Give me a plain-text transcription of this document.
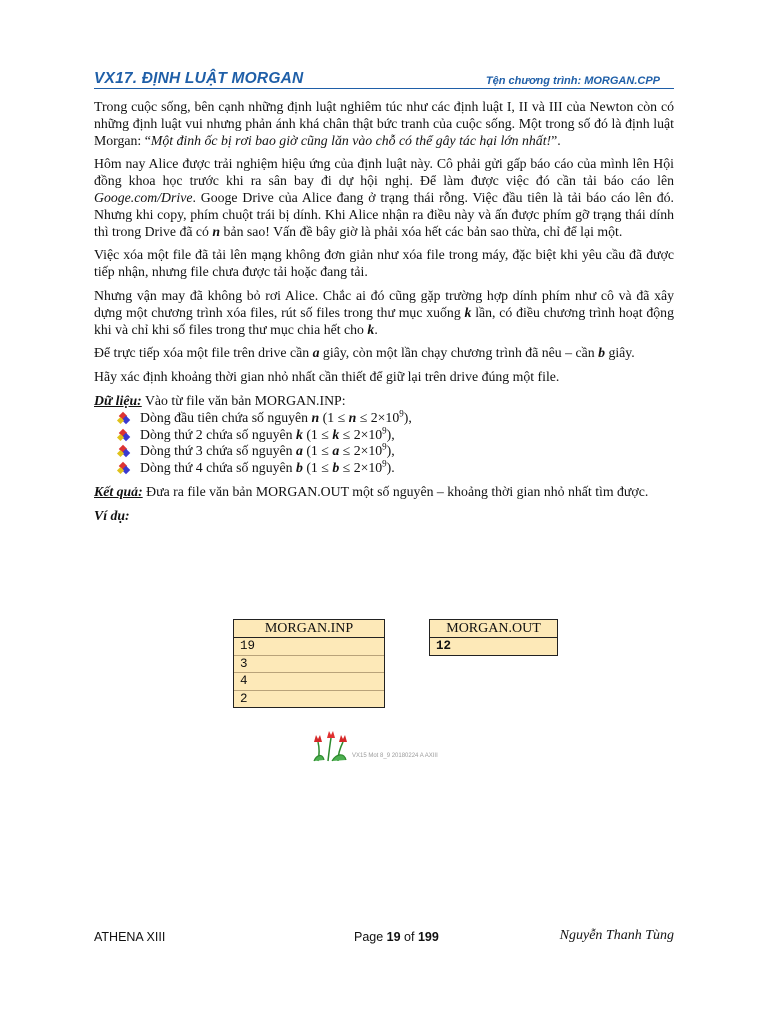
VX17. ĐỊNH LUẬT MORGAN	Tện chương trình: MORGAN.CPP

Trong cuộc sống, bên cạnh những định luật nghiêm túc như các định luật I, II và III của Newton còn có những định luật vui nhưng phản ánh khá chân thật bức tranh của cuộc sống. Một trong số đó là định luật Morgan: “Một đinh ốc bị rơi bao giờ cũng lăn vào chỗ có thể gây tác hại lớn nhất!”.

Hôm nay Alice được trải nghiệm hiệu ứng của định luật này. Cô phải gửi gấp báo cáo của mình lên Hội đồng khoa học trước khi ra sân bay đi dự hội nghị. Để làm được việc đó cần tải báo cáo lên Googe.com/Drive. Googe Drive của Alice đang ở trạng thái rỗng. Việc đầu tiên là tải báo cáo lên đó. Nhưng khi copy, phím chuột trái bị dính. Khi Alice nhận ra điều này và ấn được phím gỡ trạng thái dính thì trong Drive đã có n bản sao! Vấn đề bây giờ là phải xóa hết các bản sao thừa, chỉ để lại một.

Việc xóa một file đã tải lên mạng không đơn giản như xóa file trong máy, đặc biệt khi yêu cầu đã được tiếp nhận, nhưng file chưa được tải hoặc đang tải.

Nhưng vận may đã không bỏ rơi Alice. Chắc ai đó cũng gặp trường hợp dính phím như cô và đã xây dựng một chương trình xóa files, rút số files trong thư mục xuống k lần, có điều chương trình hoạt động khi và chỉ khi số files trong thư mục chia hết cho k.

Để trực tiếp xóa một file trên drive cần a giây, còn một lần chạy chương trình đã nêu – cần b giây.

Hãy xác định khoảng thời gian nhỏ nhất cần thiết để giữ lại trên drive đúng một file.

Dữ liệu: Vào từ file văn bản MORGAN.INP:
Dòng đầu tiên chứa số nguyên n $(1 \le n \le 2\times 10^9)$,
Dòng thứ 2 chứa số nguyên k $(1 \le k \le 2\times 10^9)$,
Dòng thứ 3 chứa số nguyên a $(1 \le a \le 2\times 10^9)$,
Dòng thứ 4 chứa số nguyên b $(1 \le b \le 2\times 10^9)$.

Kết quả: Đưa ra file văn bản MORGAN.OUT một số nguyên – khoảng thời gian nhỏ nhất tìm được.

Ví dụ:

MORGAN.INP
19
3
4
2
MORGAN.OUT
12
VX15 Mot 8_9 20180224 A AXIII
ATHENA XIII	Page 19 of 199	Nguyễn Thanh Tùng
